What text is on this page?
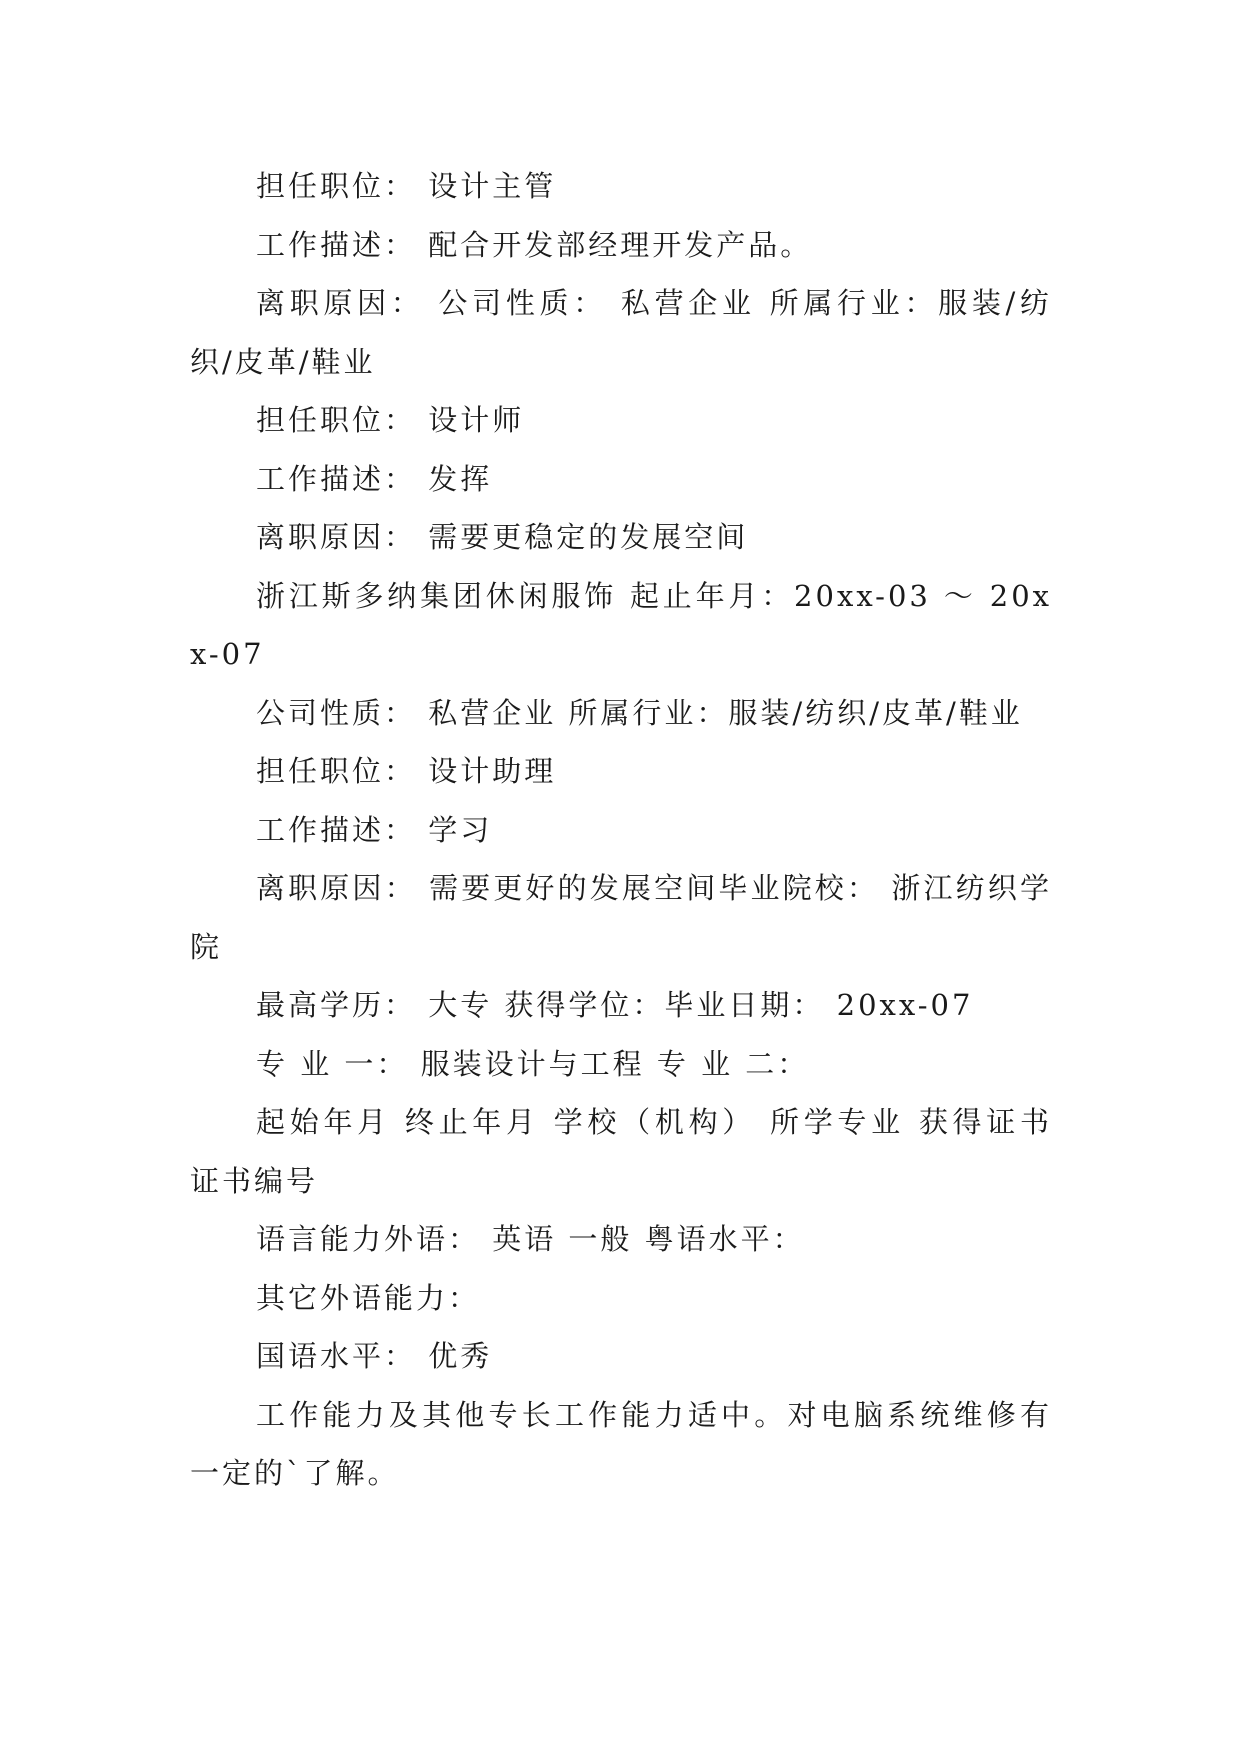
担任职位： 设计主管

工作描述： 配合开发部经理开发产品。

离职原因： 公司性质： 私营企业 所属行业：服装/纺织/皮革/鞋业

担任职位： 设计师

工作描述： 发挥

离职原因： 需要更稳定的发展空间

浙江斯多纳集团休闲服饰 起止年月：20xx-03 ～ 20xx-07

公司性质： 私营企业 所属行业：服装/纺织/皮革/鞋业

担任职位： 设计助理

工作描述： 学习

离职原因： 需要更好的发展空间毕业院校： 浙江纺织学院

最高学历： 大专 获得学位：毕业日期： 20xx-07

专 业 一： 服装设计与工程 专 业 二：

起始年月 终止年月 学校（机构） 所学专业 获得证书 证书编号

语言能力外语： 英语 一般 粤语水平：

其它外语能力：

国语水平： 优秀

工作能力及其他专长工作能力适中。对电脑系统维修有一定的`了解。
